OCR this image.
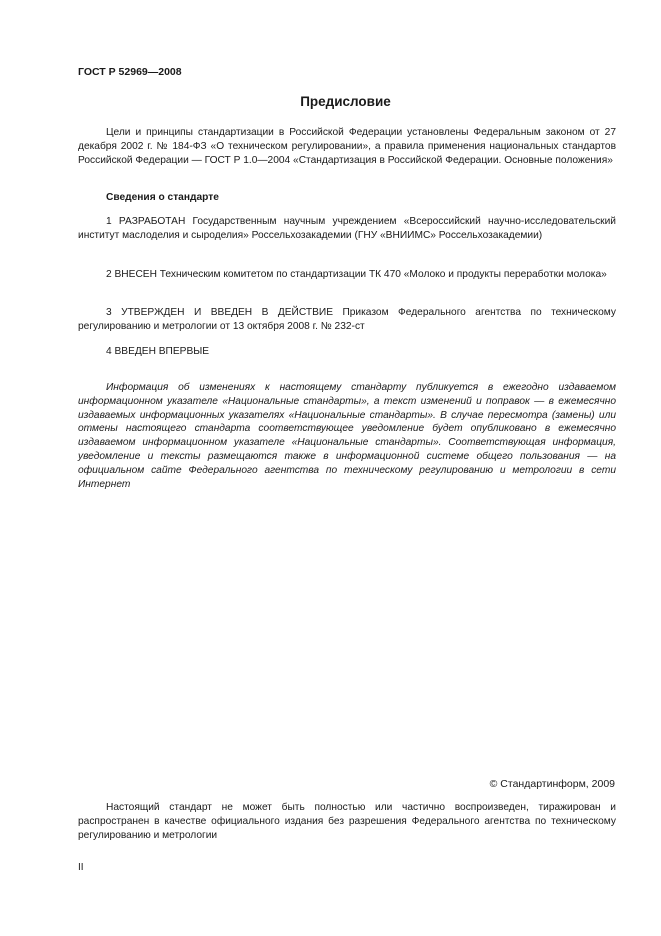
ГОСТ Р 52969—2008
Предисловие

Цели и принципы стандартизации в Российской Федерации установлены Федеральным законом от 27 декабря 2002 г. № 184-ФЗ «О техническом регулировании», а правила применения национальных стандартов Российской Федерации — ГОСТ Р 1.0—2004 «Стандартизация в Российской Федерации. Основные положения»

Сведения о стандарте

1 РАЗРАБОТАН Государственным научным учреждением «Всероссийский научно-исследовательский институт маслоделия и сыроделия» Россельхозакадемии (ГНУ «ВНИИМС» Россельхозакадемии)

2 ВНЕСЕН Техническим комитетом по стандартизации ТК 470 «Молоко и продукты переработки молока»

3 УТВЕРЖДЕН И ВВЕДЕН В ДЕЙСТВИЕ Приказом Федерального агентства по техническому регулированию и метрологии от 13 октября 2008 г. № 232-ст

4 ВВЕДЕН ВПЕРВЫЕ

Информация об изменениях к настоящему стандарту публикуется в ежегодно издаваемом информационном указателе «Национальные стандарты», а текст изменений и поправок — в ежемесячно издаваемых информационных указателях «Национальные стандарты». В случае пересмотра (замены) или отмены настоящего стандарта соответствующее уведомление будет опубликовано в ежемесячно издаваемом информационном указателе «Национальные стандарты». Соответствующая информация, уведомление и тексты размещаются также в информационной системе общего пользования — на официальном сайте Федерального агентства по техническому регулированию и метрологии в сети Интернет

© Стандартинформ, 2009

Настоящий стандарт не может быть полностью или частично воспроизведен, тиражирован и распространен в качестве официального издания без разрешения Федерального агентства по техническому регулированию и метрологии

II
